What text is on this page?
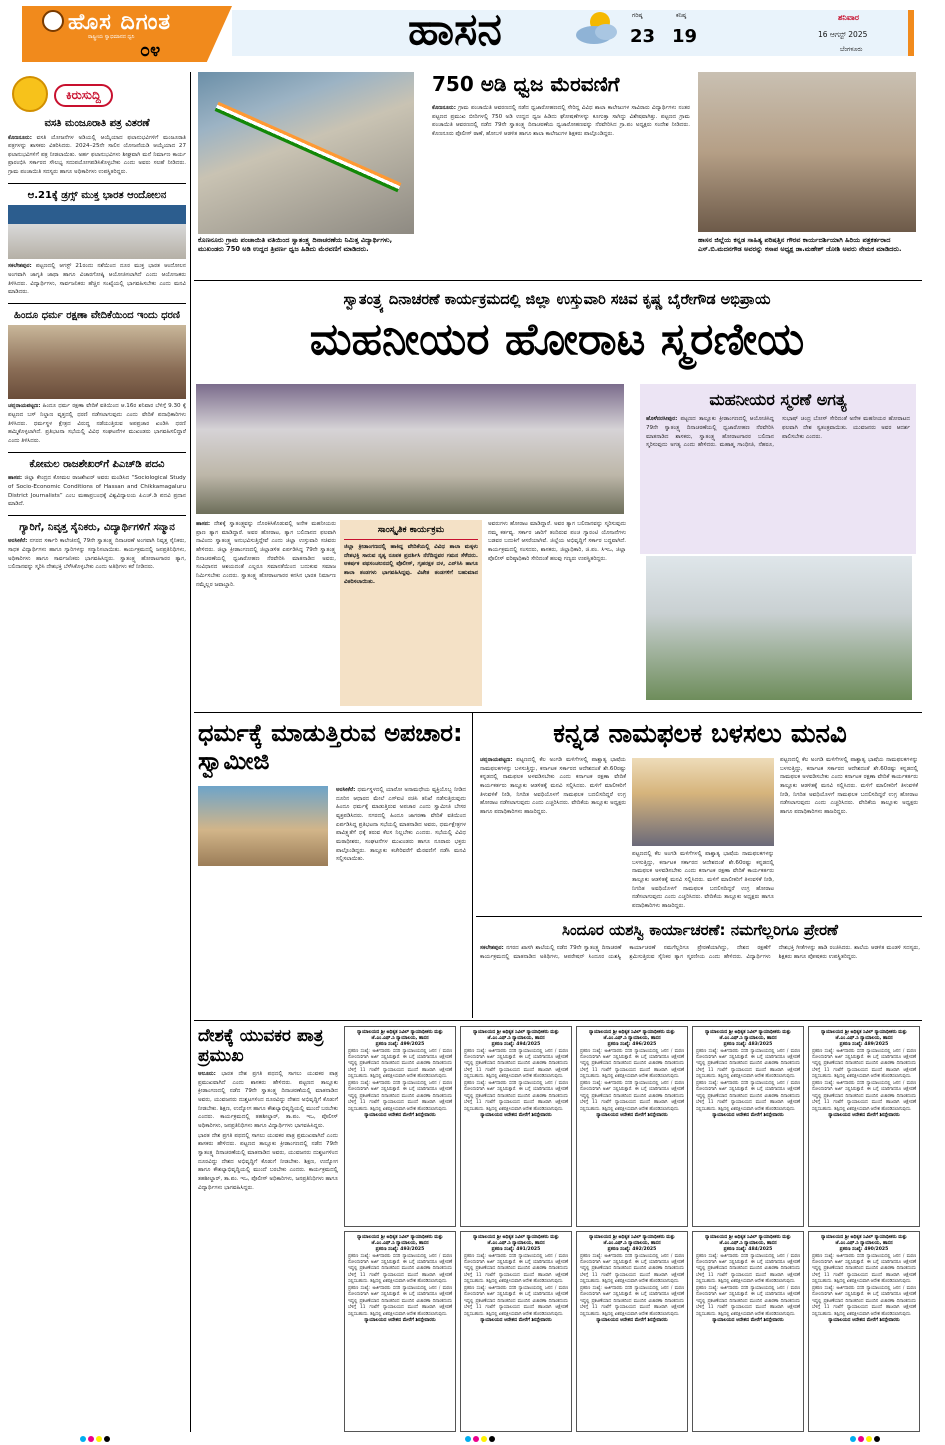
ಹೊಸ ದಿಗಂತ
ರಾಷ್ಟ್ರೀಯ ಸ್ವಾಭಿಮಾನದ ಧ್ವನಿ
೦೪	ಹಾಸನ	ಗರಿಷ್ಠ
23
ಕನಿಷ್ಠ
19
ಶನಿವಾರ
16 ಆಗಸ್ಟ್ 2025
ಬೆಂಗಳೂರು
ಕಿರುಸುದ್ದಿ
ವಸತಿ ಮಂಜೂರಾತಿ ಪತ್ರ ವಿತರಣೆ

ಕೊಣನೂರು: ವಸತಿ ಯೋಜನೆಗಳ ಅಡಿಯಲ್ಲಿ ಆಯ್ಕೆಯಾದ ಫಲಾನುಭವಿಗಳಿಗೆ ಮಂಜೂರಾತಿ ಪತ್ರಗಳನ್ನು ಶಾಸಕರು ವಿತರಿಸಿದರು. 2024–25ನೇ ಸಾಲಿನ ಯೋಜನೆಯಡಿ ಆಯ್ಕೆಯಾದ 27 ಫಲಾನುಭವಿಗಳಿಗೆ ಪತ್ರ ನೀಡಲಾಯಿತು. ಅರ್ಹ ಫಲಾನುಭವಿಗಳು ಶೀಘ್ರವಾಗಿ ಮನೆ ನಿರ್ಮಾಣ ಕಾರ್ಯ ಪ್ರಾರಂಭಿಸಿ ಸರ್ಕಾರದ ಸೌಲಭ್ಯ ಸದುಪಯೋಗಪಡಿಸಿಕೊಳ್ಳಬೇಕು ಎಂದು ಅವರು ಸಲಹೆ ನೀಡಿದರು. ಗ್ರಾಮ ಪಂಚಾಯಿತಿ ಸದಸ್ಯರು ಹಾಗೂ ಅಧಿಕಾರಿಗಳು ಉಪಸ್ಥಿತರಿದ್ದರು.

ಆ.21ಕ್ಕೆ ಡ್ರಗ್ಸ್ ಮುಕ್ತ ಭಾರತ ಆಂದೋಲನ

ಸಕಲೇಶಪುರ: ಪಟ್ಟಣದಲ್ಲಿ ಆಗಸ್ಟ್ 21ರಂದು ನಶೆಯಿಂದ ದೂರ ಮುಕ್ತ ಭಾರತ ಆಂದೋಲನ ಅಂಗವಾಗಿ ಜಾಗೃತಿ ಜಾಥಾ ಹಾಗೂ ವಿಚಾರಗೋಷ್ಠಿ ಆಯೋಜಿಸಲಾಗಿದೆ ಎಂದು ಆಯೋಜಕರು ತಿಳಿಸಿದರು. ವಿದ್ಯಾರ್ಥಿಗಳು, ಸಾರ್ವಜನಿಕರು ಹೆಚ್ಚಿನ ಸಂಖ್ಯೆಯಲ್ಲಿ ಭಾಗವಹಿಸಬೇಕು ಎಂದು ಮನವಿ ಮಾಡಿದರು.

ಹಿಂದೂ ಧರ್ಮ ರಕ್ಷಣಾ ವೇದಿಕೆಯಿಂದ ಇಂದು ಧರಣಿ

ಚನ್ನರಾಯಪಟ್ಟಣ: ಹಿಂದೂ ಧರ್ಮ ರಕ್ಷಣಾ ವೇದಿಕೆ ವತಿಯಿಂದ ಆ.16ರ ಶನಿವಾರ ಬೆಳಿಗ್ಗೆ 9.30 ಕ್ಕೆ ಪಟ್ಟಣದ ಬಸ್ ನಿಲ್ದಾಣ ವೃತ್ತದಲ್ಲಿ ಧರಣಿ ನಡೆಸಲಾಗುವುದು ಎಂದು ವೇದಿಕೆ ಪದಾಧಿಕಾರಿಗಳು ತಿಳಿಸಿದರು. ಧರ್ಮಸ್ಥಳ ಕ್ಷೇತ್ರದ ವಿರುದ್ಧ ನಡೆಯುತ್ತಿರುವ ಅಪಪ್ರಚಾರ ಖಂಡಿಸಿ ಧರಣಿ ಹಮ್ಮಿಕೊಳ್ಳಲಾಗಿದೆ. ಪ್ರತಿಭಟನಾ ಸಭೆಯಲ್ಲಿ ವಿವಿಧ ಸಂಘಟನೆಗಳ ಮುಖಂಡರು ಭಾಗವಹಿಸಲಿದ್ದಾರೆ ಎಂದು ತಿಳಿಸಿದರು.

ಕೋಮಲ ರಾಜಶೇಖರ್‌ಗೆ ಪಿಎಚ್‌ಡಿ ಪದವಿ

ಹಾಸನ: ಜಿಲ್ಲಾ ಕೇಂದ್ರದ ಕೋಮಲ ರಾಜಶೇಖರ್ ಅವರು ಮಂಡಿಸಿದ “Sociological Study of Socio-Economic Conditions of Hassan and Chikkamagaluru District Journalists” ಎಂಬ ಮಹಾಪ್ರಬಂಧಕ್ಕೆ ವಿಶ್ವವಿದ್ಯಾಲಯ ಪಿಎಚ್‌.ಡಿ ಪದವಿ ಪ್ರದಾನ ಮಾಡಿದೆ.

ಗ್ಯಾರಿಗೆ, ನಿವೃತ್ತ ಸೈನಿಕರು, ವಿದ್ಯಾರ್ಥಿಗಳಿಗೆ ಸನ್ಮಾನ

ಅರಸೀಕೆರೆ: ನಗರದ ಸರ್ಕಾರಿ ಕಾಲೇಜಿನಲ್ಲಿ 79ನೇ ಸ್ವಾತಂತ್ರ್ಯ ದಿನಾಚರಣೆ ಅಂಗವಾಗಿ ನಿವೃತ್ತ ಸೈನಿಕರು, ಸಾಧಕ ವಿದ್ಯಾರ್ಥಿಗಳು ಹಾಗೂ ಗ್ಯಾರಿಗಳನ್ನು ಸನ್ಮಾನಿಸಲಾಯಿತು. ಕಾರ್ಯಕ್ರಮದಲ್ಲಿ ಜನಪ್ರತಿನಿಧಿಗಳು, ಅಧಿಕಾರಿಗಳು ಹಾಗೂ ಸಾರ್ವಜನಿಕರು ಭಾಗವಹಿಸಿದ್ದರು. ಸ್ವಾತಂತ್ರ್ಯ ಹೋರಾಟಗಾರರ ತ್ಯಾಗ, ಬಲಿದಾನವನ್ನು ಸ್ಮರಿಸಿ ದೇಶಭಕ್ತಿ ಬೆಳೆಸಿಕೊಳ್ಳಬೇಕು ಎಂದು ಅತಿಥಿಗಳು ಕರೆ ನೀಡಿದರು.

ಕೊಣನೂರು ಗ್ರಾಮ ಪಂಚಾಯಿತಿ ವತಿಯಿಂದ ಸ್ವಾತಂತ್ರ್ಯ ದಿನಾಚರಣೆಯ ನಿಮಿತ್ತ ವಿದ್ಯಾರ್ಥಿಗಳು, ಮುಖಂಡರು 750 ಅಡಿ ಉದ್ದದ ತ್ರಿವರ್ಣ ಧ್ವಜ ಹಿಡಿದು ಮೆರವಣಿಗೆ ಮಾಡಿದರು.
750 ಅಡಿ ಧ್ವಜ ಮೆರವಣಿಗೆ

ಕೊಣನೂರು: ಗ್ರಾಮ ಪಂಚಾಯಿತಿ ಆವರಣದಲ್ಲಿ ನಡೆದ ಧ್ವಜಾರೋಹಣದಲ್ಲಿ ಸೇರಿದ್ದ ವಿವಿಧ ಶಾಲಾ ಕಾಲೇಜುಗಳ ಸಾವಿರಾರು ವಿದ್ಯಾರ್ಥಿಗಳು ನಂತರ ಪಟ್ಟಣದ ಪ್ರಮುಖ ಬೀದಿಗಳಲ್ಲಿ 750 ಅಡಿ ಉದ್ದದ ಧ್ವಜ ಹಿಡಿದು ಘೋಷಣೆಗಳನ್ನು ಕೂಗುತ್ತಾ ಸಾಗಿದ್ದು ವಿಶೇಷವಾಗಿತ್ತು. ಪಟ್ಟಣದ ಗ್ರಾಮ ಪಂಚಾಯಿತಿ ಆವರಣದಲ್ಲಿ ನಡೆದ 79ನೇ ಸ್ವಾತಂತ್ರ್ಯ ದಿನಾಚರಣೆಯ ಧ್ವಜಾರೋಹಣವನ್ನು ನೆರವೇರಿಸಿದ ಗ್ರಾ.ಪಂ ಅಧ್ಯಕ್ಷರು ಸಂದೇಶ ನೀಡಿದರು. ಕೊಣನೂರು ಪೊಲೀಸ್ ಠಾಣೆ, ಹೋಬಳಿ ಆಡಳಿತ ಹಾಗೂ ಶಾಲಾ ಕಾಲೇಜುಗಳ ಶಿಕ್ಷಕರು ಪಾಲ್ಗೊಂಡಿದ್ದರು.

ಹಾಸನ ಜಿಲ್ಲೆಯ ಕನ್ನಡ ಸಾಹಿತ್ಯ ಪರಿಷತ್ತಿನ ಗೌರವ ಕಾರ್ಯದರ್ಶಿಯಾಗಿ ಹಿರಿಯ ಪತ್ರಕರ್ತರಾದ ಎಸ್.ಬಿ.ಮದನಗೌಡ ಅವರನ್ನು ಕಸಾಪ ಅಧ್ಯಕ್ಷ ಡಾ.ಮಹೇಶ್ ಜೋಶಿ ಅವರು ನೇಮಕ ಮಾಡಿದರು.
ಸ್ವಾತಂತ್ರ್ಯ ದಿನಾಚರಣೆ ಕಾರ್ಯಕ್ರಮದಲ್ಲಿ ಜಿಲ್ಲಾ ಉಸ್ತುವಾರಿ ಸಚಿವ ಕೃಷ್ಣ ಬೈರೇಗೌಡ ಅಭಿಪ್ರಾಯ
ಮಹನೀಯರ ಹೋರಾಟ ಸ್ಮರಣೀಯ

ಹಾಸನ: ದೇಶಕ್ಕೆ ಸ್ವಾತಂತ್ರ್ಯವನ್ನು ದೊರಕಿಸಿಕೊಡುವಲ್ಲಿ ಅನೇಕ ಮಹನೀಯರು ಪ್ರಾಣ ತ್ಯಾಗ ಮಾಡಿದ್ದಾರೆ. ಅವರ ಹೋರಾಟ, ತ್ಯಾಗ ಬಲಿದಾನದ ಫಲವಾಗಿ ನಾವಿಂದು ಸ್ವಾತಂತ್ರ್ಯ ಅನುಭವಿಸುತ್ತಿದ್ದೇವೆ ಎಂದು ಜಿಲ್ಲಾ ಉಸ್ತುವಾರಿ ಸಚಿವರು ಹೇಳಿದರು. ಜಿಲ್ಲಾ ಕ್ರೀಡಾಂಗಣದಲ್ಲಿ ಜಿಲ್ಲಾಡಳಿತ ಏರ್ಪಡಿಸಿದ್ದ 79ನೇ ಸ್ವಾತಂತ್ರ್ಯ ದಿನಾಚರಣೆಯಲ್ಲಿ ಧ್ವಜಾರೋಹಣ ನೆರವೇರಿಸಿ ಮಾತನಾಡಿದ ಅವರು, ಸಂವಿಧಾನದ ಆಶಯದಂತೆ ಎಲ್ಲರೂ ಸಮಾನತೆಯಿಂದ ಬದುಕುವ ಸಮಾಜ ನಿರ್ಮಿಸಬೇಕು ಎಂದರು. ಸ್ವಾತಂತ್ರ್ಯ ಹೋರಾಟಗಾರರ ಕನಸಿನ ಭಾರತ ನಿರ್ಮಾಣ ನಮ್ಮೆಲ್ಲರ ಜವಾಬ್ದಾರಿ.

ಸಾಂಸ್ಕೃತಿಕ ಕಾರ್ಯಕ್ರಮ

ಜಿಲ್ಲಾ ಕ್ರೀಡಾಂಗಣದಲ್ಲಿ ಹಾಕಿದ್ದ ವೇದಿಕೆಯಲ್ಲಿ ವಿವಿಧ ಶಾಲಾ ಮಕ್ಕಳು ದೇಶಭಕ್ತಿ ಸಾರುವ ನೃತ್ಯ ರೂಪಕ ಪ್ರದರ್ಶಿಸಿ ನೆರೆದಿದ್ದವರ ಗಮನ ಸೆಳೆದರು. ಆಕರ್ಷಕ ಪಥಸಂಚಲನದಲ್ಲಿ ಪೊಲೀಸ್, ಗೃಹರಕ್ಷಕ ದಳ, ಎನ್‌ಸಿಸಿ ಹಾಗೂ ಶಾಲಾ ತಂಡಗಳು ಭಾಗವಹಿಸಿದ್ದವು. ವಿಜೇತ ತಂಡಗಳಿಗೆ ಬಹುಮಾನ ವಿತರಿಸಲಾಯಿತು.

ಅವರುಗಳು ಹೋರಾಟ ಮಾಡಿದ್ದಾರೆ. ಅವರ ತ್ಯಾಗ ಬಲಿದಾನವನ್ನು ಸ್ಮರಿಸುವುದು ನಮ್ಮ ಕರ್ತವ್ಯ. ಸರ್ಕಾರ ಜಾರಿಗೆ ತಂದಿರುವ ಪಂಚ ಗ್ಯಾರಂಟಿ ಯೋಜನೆಗಳು ಬಡವರ ಬದುಕಿಗೆ ಆಸರೆಯಾಗಿವೆ. ಜಿಲ್ಲೆಯ ಅಭಿವೃದ್ಧಿಗೆ ಸರ್ಕಾರ ಬದ್ಧವಾಗಿದೆ. ಕಾರ್ಯಕ್ರಮದಲ್ಲಿ ಸಂಸದರು, ಶಾಸಕರು, ಜಿಲ್ಲಾಧಿಕಾರಿ, ಜಿ.ಪಂ. ಸಿಇಒ, ಜಿಲ್ಲಾ ಪೊಲೀಸ್ ವರಿಷ್ಠಾಧಿಕಾರಿ ಸೇರಿದಂತೆ ಹಲವು ಗಣ್ಯರು ಉಪಸ್ಥಿತರಿದ್ದರು.

ಮಹನೀಯರ ಸ್ಮರಣೆ ಅಗತ್ಯ

ಹೊಳೆನರಸೀಪುರ: ಪಟ್ಟಣದ ತಾಲ್ಲೂಕು ಕ್ರೀಡಾಂಗಣದಲ್ಲಿ ಆಯೋಜಿಸಿದ್ದ 79ನೇ ಸ್ವಾತಂತ್ರ್ಯ ದಿನಾಚರಣೆಯಲ್ಲಿ ಧ್ವಜಾರೋಹಣ ನೆರವೇರಿಸಿ ಮಾತನಾಡಿದ ಶಾಸಕರು, ಸ್ವಾತಂತ್ರ್ಯ ಹೋರಾಟಗಾರರ ಬಲಿದಾನ ಸ್ಮರಿಸುವುದು ಅಗತ್ಯ ಎಂದು ಹೇಳಿದರು. ಮಹಾತ್ಮ ಗಾಂಧೀಜಿ, ನೆಹರೂ, ಸುಭಾಷ್ ಚಂದ್ರ ಬೋಸ್ ಸೇರಿದಂತೆ ಅನೇಕ ಮಹನೀಯರ ಹೋರಾಟದ ಫಲವಾಗಿ ದೇಶ ಸ್ವತಂತ್ರವಾಯಿತು. ಯುವಜನರು ಅವರ ಆದರ್ಶ ಪಾಲಿಸಬೇಕು ಎಂದರು.

ಧರ್ಮಕ್ಕೆ ಮಾಡುತ್ತಿರುವ ಅಪಚಾರ: ಸ್ವಾಮೀಜಿ

ಅರಸೀಕೆರೆ: ಧರ್ಮಸ್ಥಳದಲ್ಲಿ ಯಾರೋ ಅನಾಮಧೇಯ ವ್ಯಕ್ತಿಯೊಬ್ಬ ನೀಡಿದ ದೂರಿನ ಆಧಾರದ ಮೇಲೆ ಎಸ್‌ಐಟಿ ರಚಿಸಿ ತನಿಖೆ ನಡೆಸುತ್ತಿರುವುದು ಹಿಂದೂ ಧರ್ಮಕ್ಕೆ ಮಾಡುತ್ತಿರುವ ಅಪಚಾರ ಎಂದು ಸ್ವಾಮೀಜಿ ಬೇಸರ ವ್ಯಕ್ತಪಡಿಸಿದರು. ನಗರದಲ್ಲಿ ಹಿಂದೂ ಜಾಗರಣಾ ವೇದಿಕೆ ವತಿಯಿಂದ ಏರ್ಪಡಿಸಿದ್ದ ಪ್ರತಿಭಟನಾ ಸಭೆಯಲ್ಲಿ ಮಾತನಾಡಿದ ಅವರು, ಧರ್ಮಕ್ಷೇತ್ರಗಳ ಪಾವಿತ್ರ್ಯತೆಗೆ ಧಕ್ಕೆ ತರುವ ಕೆಲಸ ನಿಲ್ಲಬೇಕು ಎಂದರು. ಸಭೆಯಲ್ಲಿ ವಿವಿಧ ಮಠಾಧೀಶರು, ಸಂಘಟನೆಗಳ ಮುಖಂಡರು ಹಾಗೂ ನೂರಾರು ಭಕ್ತರು ಪಾಲ್ಗೊಂಡಿದ್ದರು. ತಾಲ್ಲೂಕು ಕಚೇರಿವರೆಗೆ ಮೆರವಣಿಗೆ ನಡೆಸಿ ಮನವಿ ಸಲ್ಲಿಸಲಾಯಿತು.

ಕನ್ನಡ ನಾಮಫಲಕ ಬಳಸಲು ಮನವಿ

ಚನ್ನರಾಯಪಟ್ಟಣ: ಪಟ್ಟಣದಲ್ಲಿ ಕೆಲ ಅಂಗಡಿ ಮಳಿಗೆಗಳಲ್ಲಿ ಪಾಶ್ಚಾತ್ಯ ಭಾಷೆಯ ನಾಮಫಲಕಗಳನ್ನು ಬಳಸುತ್ತಿದ್ದು, ಕರ್ನಾಟಕ ಸರ್ಕಾರದ ಆದೇಶದಂತೆ ಶೇ.60ರಷ್ಟು ಕನ್ನಡದಲ್ಲಿ ನಾಮಫಲಕ ಅಳವಡಿಸಬೇಕು ಎಂದು ಕರ್ನಾಟಕ ರಕ್ಷಣಾ ವೇದಿಕೆ ಕಾರ್ಯಕರ್ತರು ತಾಲ್ಲೂಕು ಆಡಳಿತಕ್ಕೆ ಮನವಿ ಸಲ್ಲಿಸಿದರು. ಮಳಿಗೆ ಮಾಲೀಕರಿಗೆ ತಿಳುವಳಿಕೆ ನೀಡಿ, ನಿಗದಿತ ಅವಧಿಯೊಳಗೆ ನಾಮಫಲಕ ಬದಲಿಸದಿದ್ದರೆ ಉಗ್ರ ಹೋರಾಟ ನಡೆಸಲಾಗುವುದು ಎಂದು ಎಚ್ಚರಿಸಿದರು. ವೇದಿಕೆಯ ತಾಲ್ಲೂಕು ಅಧ್ಯಕ್ಷರು ಹಾಗೂ ಪದಾಧಿಕಾರಿಗಳು ಹಾಜರಿದ್ದರು.

ಪಟ್ಟಣದಲ್ಲಿ ಕೆಲ ಅಂಗಡಿ ಮಳಿಗೆಗಳಲ್ಲಿ ಪಾಶ್ಚಾತ್ಯ ಭಾಷೆಯ ನಾಮಫಲಕಗಳನ್ನು ಬಳಸುತ್ತಿದ್ದು, ಕರ್ನಾಟಕ ಸರ್ಕಾರದ ಆದೇಶದಂತೆ ಶೇ.60ರಷ್ಟು ಕನ್ನಡದಲ್ಲಿ ನಾಮಫಲಕ ಅಳವಡಿಸಬೇಕು ಎಂದು ಕರ್ನಾಟಕ ರಕ್ಷಣಾ ವೇದಿಕೆ ಕಾರ್ಯಕರ್ತರು ತಾಲ್ಲೂಕು ಆಡಳಿತಕ್ಕೆ ಮನವಿ ಸಲ್ಲಿಸಿದರು. ಮಳಿಗೆ ಮಾಲೀಕರಿಗೆ ತಿಳುವಳಿಕೆ ನೀಡಿ, ನಿಗದಿತ ಅವಧಿಯೊಳಗೆ ನಾಮಫಲಕ ಬದಲಿಸದಿದ್ದರೆ ಉಗ್ರ ಹೋರಾಟ ನಡೆಸಲಾಗುವುದು ಎಂದು ಎಚ್ಚರಿಸಿದರು. ವೇದಿಕೆಯ ತಾಲ್ಲೂಕು ಅಧ್ಯಕ್ಷರು ಹಾಗೂ ಪದಾಧಿಕಾರಿಗಳು ಹಾಜರಿದ್ದರು.

ಪಟ್ಟಣದಲ್ಲಿ ಕೆಲ ಅಂಗಡಿ ಮಳಿಗೆಗಳಲ್ಲಿ ಪಾಶ್ಚಾತ್ಯ ಭಾಷೆಯ ನಾಮಫಲಕಗಳನ್ನು ಬಳಸುತ್ತಿದ್ದು, ಕರ್ನಾಟಕ ಸರ್ಕಾರದ ಆದೇಶದಂತೆ ಶೇ.60ರಷ್ಟು ಕನ್ನಡದಲ್ಲಿ ನಾಮಫಲಕ ಅಳವಡಿಸಬೇಕು ಎಂದು ಕರ್ನಾಟಕ ರಕ್ಷಣಾ ವೇದಿಕೆ ಕಾರ್ಯಕರ್ತರು ತಾಲ್ಲೂಕು ಆಡಳಿತಕ್ಕೆ ಮನವಿ ಸಲ್ಲಿಸಿದರು. ಮಳಿಗೆ ಮಾಲೀಕರಿಗೆ ತಿಳುವಳಿಕೆ ನೀಡಿ, ನಿಗದಿತ ಅವಧಿಯೊಳಗೆ ನಾಮಫಲಕ ಬದಲಿಸದಿದ್ದರೆ ಉಗ್ರ ಹೋರಾಟ ನಡೆಸಲಾಗುವುದು ಎಂದು ಎಚ್ಚರಿಸಿದರು. ವೇದಿಕೆಯ ತಾಲ್ಲೂಕು ಅಧ್ಯಕ್ಷರು ಹಾಗೂ ಪದಾಧಿಕಾರಿಗಳು ಹಾಜರಿದ್ದರು.

ಸಿಂದೂರ ಯಶಸ್ವಿ ಕಾರ್ಯಾಚರಣೆ: ನಮಗೆಲ್ಲರಿಗೂ ಪ್ರೇರಣೆ

ಸಕಲೇಶಪುರ: ನಗರದ ಖಾಸಗಿ ಶಾಲೆಯಲ್ಲಿ ನಡೆದ 79ನೇ ಸ್ವಾತಂತ್ರ್ಯ ದಿನಾಚರಣೆ ಕಾರ್ಯಕ್ರಮದಲ್ಲಿ ಮಾತನಾಡಿದ ಅತಿಥಿಗಳು, ಆಪರೇಷನ್ ಸಿಂದೂರ ಯಶಸ್ವಿ ಕಾರ್ಯಾಚರಣೆ ನಮಗೆಲ್ಲರಿಗೂ ಪ್ರೇರಣೆಯಾಗಿದ್ದು, ದೇಶದ ರಕ್ಷಣೆಗೆ ಶ್ರಮಿಸುತ್ತಿರುವ ಸೈನಿಕರ ತ್ಯಾಗ ಸ್ಮರಣೀಯ ಎಂದು ಹೇಳಿದರು. ವಿದ್ಯಾರ್ಥಿಗಳು ದೇಶಭಕ್ತಿ ಗೀತೆಗಳನ್ನು ಹಾಡಿ ರಂಜಿಸಿದರು. ಶಾಲೆಯ ಆಡಳಿತ ಮಂಡಳಿ ಸದಸ್ಯರು, ಶಿಕ್ಷಕರು ಹಾಗೂ ಪೋಷಕರು ಉಪಸ್ಥಿತರಿದ್ದರು.

ದೇಶಕ್ಕೆ ಯುವಕರ ಪಾತ್ರ ಪ್ರಮುಖ

ಆಲೂರು: ಭಾರತ ದೇಶ ಪ್ರಗತಿ ಪಥದಲ್ಲಿ ಸಾಗಲು ಯುವಕರ ಪಾತ್ರ ಪ್ರಮುಖವಾಗಿದೆ ಎಂದು ಶಾಸಕರು ಹೇಳಿದರು. ಪಟ್ಟಣದ ತಾಲ್ಲೂಕು ಕ್ರೀಡಾಂಗಣದಲ್ಲಿ ನಡೆದ 79ನೇ ಸ್ವಾತಂತ್ರ್ಯ ದಿನಾಚರಣೆಯಲ್ಲಿ ಮಾತನಾಡಿದ ಅವರು, ಯುವಜನರು ದುಶ್ಚಟಗಳಿಂದ ದೂರವಿದ್ದು ದೇಶದ ಅಭಿವೃದ್ಧಿಗೆ ಕೊಡುಗೆ ನೀಡಬೇಕು. ಶಿಕ್ಷಣ, ಉದ್ಯೋಗ ಹಾಗೂ ಕೌಶಲ್ಯಾಭಿವೃದ್ಧಿಯಲ್ಲಿ ಮುಂದೆ ಬರಬೇಕು ಎಂದರು. ಕಾರ್ಯಕ್ರಮದಲ್ಲಿ ತಹಶೀಲ್ದಾರ್, ತಾ.ಪಂ. ಇಒ, ಪೊಲೀಸ್ ಅಧಿಕಾರಿಗಳು, ಜನಪ್ರತಿನಿಧಿಗಳು ಹಾಗೂ ವಿದ್ಯಾರ್ಥಿಗಳು ಭಾಗವಹಿಸಿದ್ದರು.

ಭಾರತ ದೇಶ ಪ್ರಗತಿ ಪಥದಲ್ಲಿ ಸಾಗಲು ಯುವಕರ ಪಾತ್ರ ಪ್ರಮುಖವಾಗಿದೆ ಎಂದು ಶಾಸಕರು ಹೇಳಿದರು. ಪಟ್ಟಣದ ತಾಲ್ಲೂಕು ಕ್ರೀಡಾಂಗಣದಲ್ಲಿ ನಡೆದ 79ನೇ ಸ್ವಾತಂತ್ರ್ಯ ದಿನಾಚರಣೆಯಲ್ಲಿ ಮಾತನಾಡಿದ ಅವರು, ಯುವಜನರು ದುಶ್ಚಟಗಳಿಂದ ದೂರವಿದ್ದು ದೇಶದ ಅಭಿವೃದ್ಧಿಗೆ ಕೊಡುಗೆ ನೀಡಬೇಕು. ಶಿಕ್ಷಣ, ಉದ್ಯೋಗ ಹಾಗೂ ಕೌಶಲ್ಯಾಭಿವೃದ್ಧಿಯಲ್ಲಿ ಮುಂದೆ ಬರಬೇಕು ಎಂದರು. ಕಾರ್ಯಕ್ರಮದಲ್ಲಿ ತಹಶೀಲ್ದಾರ್, ತಾ.ಪಂ. ಇಒ, ಪೊಲೀಸ್ ಅಧಿಕಾರಿಗಳು, ಜನಪ್ರತಿನಿಧಿಗಳು ಹಾಗೂ ವಿದ್ಯಾರ್ಥಿಗಳು ಭಾಗವಹಿಸಿದ್ದರು.

ನ್ಯಾಯಾಲಯದ ಶ್ರೀ ಅಧಿಕೃತ ಸಿವಿಲ್ ನ್ಯಾಯಾಧೀಶರು ಮತ್ತು ಜೆ.ಎಂ.ಎಫ್.ಸಿ ನ್ಯಾಯಾಲಯ, ಹಾಸನ
ಪ್ರಕರಣ ಸಂಖ್ಯೆ: 499/2025
ಪ್ರಕರಣ ಸಂಖ್ಯೆ: ಅರ್ಜಿದಾರರು ಸದರಿ ನ್ಯಾಯಾಲಯದಲ್ಲಿ ಜನನ / ಮರಣ ನೋಂದಣಿಗಾಗಿ ಅರ್ಜಿ ಸಲ್ಲಿಸಿರುತ್ತಾರೆ. ಈ ಬಗ್ಗೆ ಯಾರಿಗಾದರೂ ಆಕ್ಷೇಪಣೆ ಇದ್ದಲ್ಲಿ ಪ್ರಕಟಣೆಯಾದ ದಿನಾಂಕದಿಂದ ಮುಂದಿನ ವಿಚಾರಣಾ ದಿನಾಂಕದಂದು ಬೆಳಿಗ್ಗೆ 11 ಗಂಟೆಗೆ ನ್ಯಾಯಾಲಯದ ಮುಂದೆ ಹಾಜರಾಗಿ ಆಕ್ಷೇಪಣೆ ಸಲ್ಲಿಸಬಹುದು. ತಪ್ಪಿದಲ್ಲಿ ಏಕಪಕ್ಷೀಯವಾಗಿ ಆದೇಶ ಹೊರಡಿಸಲಾಗುವುದು.
ಪ್ರಕರಣ ಸಂಖ್ಯೆ: ಅರ್ಜಿದಾರರು ಸದರಿ ನ್ಯಾಯಾಲಯದಲ್ಲಿ ಜನನ / ಮರಣ ನೋಂದಣಿಗಾಗಿ ಅರ್ಜಿ ಸಲ್ಲಿಸಿರುತ್ತಾರೆ. ಈ ಬಗ್ಗೆ ಯಾರಿಗಾದರೂ ಆಕ್ಷೇಪಣೆ ಇದ್ದಲ್ಲಿ ಪ್ರಕಟಣೆಯಾದ ದಿನಾಂಕದಿಂದ ಮುಂದಿನ ವಿಚಾರಣಾ ದಿನಾಂಕದಂದು ಬೆಳಿಗ್ಗೆ 11 ಗಂಟೆಗೆ ನ್ಯಾಯಾಲಯದ ಮುಂದೆ ಹಾಜರಾಗಿ ಆಕ್ಷೇಪಣೆ ಸಲ್ಲಿಸಬಹುದು. ತಪ್ಪಿದಲ್ಲಿ ಏಕಪಕ್ಷೀಯವಾಗಿ ಆದೇಶ ಹೊರಡಿಸಲಾಗುವುದು.
ನ್ಯಾಯಾಲಯದ ಆದೇಶದ ಮೇರೆಗೆ ಶಿರಸ್ತೇದಾರರು
ನ್ಯಾಯಾಲಯದ ಶ್ರೀ ಅಧಿಕೃತ ಸಿವಿಲ್ ನ್ಯಾಯಾಧೀಶರು ಮತ್ತು ಜೆ.ಎಂ.ಎಫ್.ಸಿ ನ್ಯಾಯಾಲಯ, ಹಾಸನ
ಪ್ರಕರಣ ಸಂಖ್ಯೆ: 494/2025
ಪ್ರಕರಣ ಸಂಖ್ಯೆ: ಅರ್ಜಿದಾರರು ಸದರಿ ನ್ಯಾಯಾಲಯದಲ್ಲಿ ಜನನ / ಮರಣ ನೋಂದಣಿಗಾಗಿ ಅರ್ಜಿ ಸಲ್ಲಿಸಿರುತ್ತಾರೆ. ಈ ಬಗ್ಗೆ ಯಾರಿಗಾದರೂ ಆಕ್ಷೇಪಣೆ ಇದ್ದಲ್ಲಿ ಪ್ರಕಟಣೆಯಾದ ದಿನಾಂಕದಿಂದ ಮುಂದಿನ ವಿಚಾರಣಾ ದಿನಾಂಕದಂದು ಬೆಳಿಗ್ಗೆ 11 ಗಂಟೆಗೆ ನ್ಯಾಯಾಲಯದ ಮುಂದೆ ಹಾಜರಾಗಿ ಆಕ್ಷೇಪಣೆ ಸಲ್ಲಿಸಬಹುದು. ತಪ್ಪಿದಲ್ಲಿ ಏಕಪಕ್ಷೀಯವಾಗಿ ಆದೇಶ ಹೊರಡಿಸಲಾಗುವುದು.
ಪ್ರಕರಣ ಸಂಖ್ಯೆ: ಅರ್ಜಿದಾರರು ಸದರಿ ನ್ಯಾಯಾಲಯದಲ್ಲಿ ಜನನ / ಮರಣ ನೋಂದಣಿಗಾಗಿ ಅರ್ಜಿ ಸಲ್ಲಿಸಿರುತ್ತಾರೆ. ಈ ಬಗ್ಗೆ ಯಾರಿಗಾದರೂ ಆಕ್ಷೇಪಣೆ ಇದ್ದಲ್ಲಿ ಪ್ರಕಟಣೆಯಾದ ದಿನಾಂಕದಿಂದ ಮುಂದಿನ ವಿಚಾರಣಾ ದಿನಾಂಕದಂದು ಬೆಳಿಗ್ಗೆ 11 ಗಂಟೆಗೆ ನ್ಯಾಯಾಲಯದ ಮುಂದೆ ಹಾಜರಾಗಿ ಆಕ್ಷೇಪಣೆ ಸಲ್ಲಿಸಬಹುದು. ತಪ್ಪಿದಲ್ಲಿ ಏಕಪಕ್ಷೀಯವಾಗಿ ಆದೇಶ ಹೊರಡಿಸಲಾಗುವುದು.
ನ್ಯಾಯಾಲಯದ ಆದೇಶದ ಮೇರೆಗೆ ಶಿರಸ್ತೇದಾರರು
ನ್ಯಾಯಾಲಯದ ಶ್ರೀ ಅಧಿಕೃತ ಸಿವಿಲ್ ನ್ಯಾಯಾಧೀಶರು ಮತ್ತು ಜೆ.ಎಂ.ಎಫ್.ಸಿ ನ್ಯಾಯಾಲಯ, ಹಾಸನ
ಪ್ರಕರಣ ಸಂಖ್ಯೆ: 496/2025
ಪ್ರಕರಣ ಸಂಖ್ಯೆ: ಅರ್ಜಿದಾರರು ಸದರಿ ನ್ಯಾಯಾಲಯದಲ್ಲಿ ಜನನ / ಮರಣ ನೋಂದಣಿಗಾಗಿ ಅರ್ಜಿ ಸಲ್ಲಿಸಿರುತ್ತಾರೆ. ಈ ಬಗ್ಗೆ ಯಾರಿಗಾದರೂ ಆಕ್ಷೇಪಣೆ ಇದ್ದಲ್ಲಿ ಪ್ರಕಟಣೆಯಾದ ದಿನಾಂಕದಿಂದ ಮುಂದಿನ ವಿಚಾರಣಾ ದಿನಾಂಕದಂದು ಬೆಳಿಗ್ಗೆ 11 ಗಂಟೆಗೆ ನ್ಯಾಯಾಲಯದ ಮುಂದೆ ಹಾಜರಾಗಿ ಆಕ್ಷೇಪಣೆ ಸಲ್ಲಿಸಬಹುದು. ತಪ್ಪಿದಲ್ಲಿ ಏಕಪಕ್ಷೀಯವಾಗಿ ಆದೇಶ ಹೊರಡಿಸಲಾಗುವುದು.
ಪ್ರಕರಣ ಸಂಖ್ಯೆ: ಅರ್ಜಿದಾರರು ಸದರಿ ನ್ಯಾಯಾಲಯದಲ್ಲಿ ಜನನ / ಮರಣ ನೋಂದಣಿಗಾಗಿ ಅರ್ಜಿ ಸಲ್ಲಿಸಿರುತ್ತಾರೆ. ಈ ಬಗ್ಗೆ ಯಾರಿಗಾದರೂ ಆಕ್ಷೇಪಣೆ ಇದ್ದಲ್ಲಿ ಪ್ರಕಟಣೆಯಾದ ದಿನಾಂಕದಿಂದ ಮುಂದಿನ ವಿಚಾರಣಾ ದಿನಾಂಕದಂದು ಬೆಳಿಗ್ಗೆ 11 ಗಂಟೆಗೆ ನ್ಯಾಯಾಲಯದ ಮುಂದೆ ಹಾಜರಾಗಿ ಆಕ್ಷೇಪಣೆ ಸಲ್ಲಿಸಬಹುದು. ತಪ್ಪಿದಲ್ಲಿ ಏಕಪಕ್ಷೀಯವಾಗಿ ಆದೇಶ ಹೊರಡಿಸಲಾಗುವುದು.
ನ್ಯಾಯಾಲಯದ ಆದೇಶದ ಮೇರೆಗೆ ಶಿರಸ್ತೇದಾರರು
ನ್ಯಾಯಾಲಯದ ಶ್ರೀ ಅಧಿಕೃತ ಸಿವಿಲ್ ನ್ಯಾಯಾಧೀಶರು ಮತ್ತು ಜೆ.ಎಂ.ಎಫ್.ಸಿ ನ್ಯಾಯಾಲಯ, ಹಾಸನ
ಪ್ರಕರಣ ಸಂಖ್ಯೆ: 483/2025
ಪ್ರಕರಣ ಸಂಖ್ಯೆ: ಅರ್ಜಿದಾರರು ಸದರಿ ನ್ಯಾಯಾಲಯದಲ್ಲಿ ಜನನ / ಮರಣ ನೋಂದಣಿಗಾಗಿ ಅರ್ಜಿ ಸಲ್ಲಿಸಿರುತ್ತಾರೆ. ಈ ಬಗ್ಗೆ ಯಾರಿಗಾದರೂ ಆಕ್ಷೇಪಣೆ ಇದ್ದಲ್ಲಿ ಪ್ರಕಟಣೆಯಾದ ದಿನಾಂಕದಿಂದ ಮುಂದಿನ ವಿಚಾರಣಾ ದಿನಾಂಕದಂದು ಬೆಳಿಗ್ಗೆ 11 ಗಂಟೆಗೆ ನ್ಯಾಯಾಲಯದ ಮುಂದೆ ಹಾಜರಾಗಿ ಆಕ್ಷೇಪಣೆ ಸಲ್ಲಿಸಬಹುದು. ತಪ್ಪಿದಲ್ಲಿ ಏಕಪಕ್ಷೀಯವಾಗಿ ಆದೇಶ ಹೊರಡಿಸಲಾಗುವುದು.
ಪ್ರಕರಣ ಸಂಖ್ಯೆ: ಅರ್ಜಿದಾರರು ಸದರಿ ನ್ಯಾಯಾಲಯದಲ್ಲಿ ಜನನ / ಮರಣ ನೋಂದಣಿಗಾಗಿ ಅರ್ಜಿ ಸಲ್ಲಿಸಿರುತ್ತಾರೆ. ಈ ಬಗ್ಗೆ ಯಾರಿಗಾದರೂ ಆಕ್ಷೇಪಣೆ ಇದ್ದಲ್ಲಿ ಪ್ರಕಟಣೆಯಾದ ದಿನಾಂಕದಿಂದ ಮುಂದಿನ ವಿಚಾರಣಾ ದಿನಾಂಕದಂದು ಬೆಳಿಗ್ಗೆ 11 ಗಂಟೆಗೆ ನ್ಯಾಯಾಲಯದ ಮುಂದೆ ಹಾಜರಾಗಿ ಆಕ್ಷೇಪಣೆ ಸಲ್ಲಿಸಬಹುದು. ತಪ್ಪಿದಲ್ಲಿ ಏಕಪಕ್ಷೀಯವಾಗಿ ಆದೇಶ ಹೊರಡಿಸಲಾಗುವುದು.
ನ್ಯಾಯಾಲಯದ ಆದೇಶದ ಮೇರೆಗೆ ಶಿರಸ್ತೇದಾರರು
ನ್ಯಾಯಾಲಯದ ಶ್ರೀ ಅಧಿಕೃತ ಸಿವಿಲ್ ನ್ಯಾಯಾಧೀಶರು ಮತ್ತು ಜೆ.ಎಂ.ಎಫ್.ಸಿ ನ್ಯಾಯಾಲಯ, ಹಾಸನ
ಪ್ರಕರಣ ಸಂಖ್ಯೆ: 489/2025
ಪ್ರಕರಣ ಸಂಖ್ಯೆ: ಅರ್ಜಿದಾರರು ಸದರಿ ನ್ಯಾಯಾಲಯದಲ್ಲಿ ಜನನ / ಮರಣ ನೋಂದಣಿಗಾಗಿ ಅರ್ಜಿ ಸಲ್ಲಿಸಿರುತ್ತಾರೆ. ಈ ಬಗ್ಗೆ ಯಾರಿಗಾದರೂ ಆಕ್ಷೇಪಣೆ ಇದ್ದಲ್ಲಿ ಪ್ರಕಟಣೆಯಾದ ದಿನಾಂಕದಿಂದ ಮುಂದಿನ ವಿಚಾರಣಾ ದಿನಾಂಕದಂದು ಬೆಳಿಗ್ಗೆ 11 ಗಂಟೆಗೆ ನ್ಯಾಯಾಲಯದ ಮುಂದೆ ಹಾಜರಾಗಿ ಆಕ್ಷೇಪಣೆ ಸಲ್ಲಿಸಬಹುದು. ತಪ್ಪಿದಲ್ಲಿ ಏಕಪಕ್ಷೀಯವಾಗಿ ಆದೇಶ ಹೊರಡಿಸಲಾಗುವುದು.
ಪ್ರಕರಣ ಸಂಖ್ಯೆ: ಅರ್ಜಿದಾರರು ಸದರಿ ನ್ಯಾಯಾಲಯದಲ್ಲಿ ಜನನ / ಮರಣ ನೋಂದಣಿಗಾಗಿ ಅರ್ಜಿ ಸಲ್ಲಿಸಿರುತ್ತಾರೆ. ಈ ಬಗ್ಗೆ ಯಾರಿಗಾದರೂ ಆಕ್ಷೇಪಣೆ ಇದ್ದಲ್ಲಿ ಪ್ರಕಟಣೆಯಾದ ದಿನಾಂಕದಿಂದ ಮುಂದಿನ ವಿಚಾರಣಾ ದಿನಾಂಕದಂದು ಬೆಳಿಗ್ಗೆ 11 ಗಂಟೆಗೆ ನ್ಯಾಯಾಲಯದ ಮುಂದೆ ಹಾಜರಾಗಿ ಆಕ್ಷೇಪಣೆ ಸಲ್ಲಿಸಬಹುದು. ತಪ್ಪಿದಲ್ಲಿ ಏಕಪಕ್ಷೀಯವಾಗಿ ಆದೇಶ ಹೊರಡಿಸಲಾಗುವುದು.
ನ್ಯಾಯಾಲಯದ ಆದೇಶದ ಮೇರೆಗೆ ಶಿರಸ್ತೇದಾರರು
ನ್ಯಾಯಾಲಯದ ಶ್ರೀ ಅಧಿಕೃತ ಸಿವಿಲ್ ನ್ಯಾಯಾಧೀಶರು ಮತ್ತು ಜೆ.ಎಂ.ಎಫ್.ಸಿ ನ್ಯಾಯಾಲಯ, ಹಾಸನ
ಪ್ರಕರಣ ಸಂಖ್ಯೆ: 493/2025
ಪ್ರಕರಣ ಸಂಖ್ಯೆ: ಅರ್ಜಿದಾರರು ಸದರಿ ನ್ಯಾಯಾಲಯದಲ್ಲಿ ಜನನ / ಮರಣ ನೋಂದಣಿಗಾಗಿ ಅರ್ಜಿ ಸಲ್ಲಿಸಿರುತ್ತಾರೆ. ಈ ಬಗ್ಗೆ ಯಾರಿಗಾದರೂ ಆಕ್ಷೇಪಣೆ ಇದ್ದಲ್ಲಿ ಪ್ರಕಟಣೆಯಾದ ದಿನಾಂಕದಿಂದ ಮುಂದಿನ ವಿಚಾರಣಾ ದಿನಾಂಕದಂದು ಬೆಳಿಗ್ಗೆ 11 ಗಂಟೆಗೆ ನ್ಯಾಯಾಲಯದ ಮುಂದೆ ಹಾಜರಾಗಿ ಆಕ್ಷೇಪಣೆ ಸಲ್ಲಿಸಬಹುದು. ತಪ್ಪಿದಲ್ಲಿ ಏಕಪಕ್ಷೀಯವಾಗಿ ಆದೇಶ ಹೊರಡಿಸಲಾಗುವುದು.
ಪ್ರಕರಣ ಸಂಖ್ಯೆ: ಅರ್ಜಿದಾರರು ಸದರಿ ನ್ಯಾಯಾಲಯದಲ್ಲಿ ಜನನ / ಮರಣ ನೋಂದಣಿಗಾಗಿ ಅರ್ಜಿ ಸಲ್ಲಿಸಿರುತ್ತಾರೆ. ಈ ಬಗ್ಗೆ ಯಾರಿಗಾದರೂ ಆಕ್ಷೇಪಣೆ ಇದ್ದಲ್ಲಿ ಪ್ರಕಟಣೆಯಾದ ದಿನಾಂಕದಿಂದ ಮುಂದಿನ ವಿಚಾರಣಾ ದಿನಾಂಕದಂದು ಬೆಳಿಗ್ಗೆ 11 ಗಂಟೆಗೆ ನ್ಯಾಯಾಲಯದ ಮುಂದೆ ಹಾಜರಾಗಿ ಆಕ್ಷೇಪಣೆ ಸಲ್ಲಿಸಬಹುದು. ತಪ್ಪಿದಲ್ಲಿ ಏಕಪಕ್ಷೀಯವಾಗಿ ಆದೇಶ ಹೊರಡಿಸಲಾಗುವುದು.
ನ್ಯಾಯಾಲಯದ ಆದೇಶದ ಮೇರೆಗೆ ಶಿರಸ್ತೇದಾರರು
ನ್ಯಾಯಾಲಯದ ಶ್ರೀ ಅಧಿಕೃತ ಸಿವಿಲ್ ನ್ಯಾಯಾಧೀಶರು ಮತ್ತು ಜೆ.ಎಂ.ಎಫ್.ಸಿ ನ್ಯಾಯಾಲಯ, ಹಾಸನ
ಪ್ರಕರಣ ಸಂಖ್ಯೆ: 491/2025
ಪ್ರಕರಣ ಸಂಖ್ಯೆ: ಅರ್ಜಿದಾರರು ಸದರಿ ನ್ಯಾಯಾಲಯದಲ್ಲಿ ಜನನ / ಮರಣ ನೋಂದಣಿಗಾಗಿ ಅರ್ಜಿ ಸಲ್ಲಿಸಿರುತ್ತಾರೆ. ಈ ಬಗ್ಗೆ ಯಾರಿಗಾದರೂ ಆಕ್ಷೇಪಣೆ ಇದ್ದಲ್ಲಿ ಪ್ರಕಟಣೆಯಾದ ದಿನಾಂಕದಿಂದ ಮುಂದಿನ ವಿಚಾರಣಾ ದಿನಾಂಕದಂದು ಬೆಳಿಗ್ಗೆ 11 ಗಂಟೆಗೆ ನ್ಯಾಯಾಲಯದ ಮುಂದೆ ಹಾಜರಾಗಿ ಆಕ್ಷೇಪಣೆ ಸಲ್ಲಿಸಬಹುದು. ತಪ್ಪಿದಲ್ಲಿ ಏಕಪಕ್ಷೀಯವಾಗಿ ಆದೇಶ ಹೊರಡಿಸಲಾಗುವುದು.
ಪ್ರಕರಣ ಸಂಖ್ಯೆ: ಅರ್ಜಿದಾರರು ಸದರಿ ನ್ಯಾಯಾಲಯದಲ್ಲಿ ಜನನ / ಮರಣ ನೋಂದಣಿಗಾಗಿ ಅರ್ಜಿ ಸಲ್ಲಿಸಿರುತ್ತಾರೆ. ಈ ಬಗ್ಗೆ ಯಾರಿಗಾದರೂ ಆಕ್ಷೇಪಣೆ ಇದ್ದಲ್ಲಿ ಪ್ರಕಟಣೆಯಾದ ದಿನಾಂಕದಿಂದ ಮುಂದಿನ ವಿಚಾರಣಾ ದಿನಾಂಕದಂದು ಬೆಳಿಗ್ಗೆ 11 ಗಂಟೆಗೆ ನ್ಯಾಯಾಲಯದ ಮುಂದೆ ಹಾಜರಾಗಿ ಆಕ್ಷೇಪಣೆ ಸಲ್ಲಿಸಬಹುದು. ತಪ್ಪಿದಲ್ಲಿ ಏಕಪಕ್ಷೀಯವಾಗಿ ಆದೇಶ ಹೊರಡಿಸಲಾಗುವುದು.
ನ್ಯಾಯಾಲಯದ ಆದೇಶದ ಮೇರೆಗೆ ಶಿರಸ್ತೇದಾರರು
ನ್ಯಾಯಾಲಯದ ಶ್ರೀ ಅಧಿಕೃತ ಸಿವಿಲ್ ನ್ಯಾಯಾಧೀಶರು ಮತ್ತು ಜೆ.ಎಂ.ಎಫ್.ಸಿ ನ್ಯಾಯಾಲಯ, ಹಾಸನ
ಪ್ರಕರಣ ಸಂಖ್ಯೆ: 492/2025
ಪ್ರಕರಣ ಸಂಖ್ಯೆ: ಅರ್ಜಿದಾರರು ಸದರಿ ನ್ಯಾಯಾಲಯದಲ್ಲಿ ಜನನ / ಮರಣ ನೋಂದಣಿಗಾಗಿ ಅರ್ಜಿ ಸಲ್ಲಿಸಿರುತ್ತಾರೆ. ಈ ಬಗ್ಗೆ ಯಾರಿಗಾದರೂ ಆಕ್ಷೇಪಣೆ ಇದ್ದಲ್ಲಿ ಪ್ರಕಟಣೆಯಾದ ದಿನಾಂಕದಿಂದ ಮುಂದಿನ ವಿಚಾರಣಾ ದಿನಾಂಕದಂದು ಬೆಳಿಗ್ಗೆ 11 ಗಂಟೆಗೆ ನ್ಯಾಯಾಲಯದ ಮುಂದೆ ಹಾಜರಾಗಿ ಆಕ್ಷೇಪಣೆ ಸಲ್ಲಿಸಬಹುದು. ತಪ್ಪಿದಲ್ಲಿ ಏಕಪಕ್ಷೀಯವಾಗಿ ಆದೇಶ ಹೊರಡಿಸಲಾಗುವುದು.
ಪ್ರಕರಣ ಸಂಖ್ಯೆ: ಅರ್ಜಿದಾರರು ಸದರಿ ನ್ಯಾಯಾಲಯದಲ್ಲಿ ಜನನ / ಮರಣ ನೋಂದಣಿಗಾಗಿ ಅರ್ಜಿ ಸಲ್ಲಿಸಿರುತ್ತಾರೆ. ಈ ಬಗ್ಗೆ ಯಾರಿಗಾದರೂ ಆಕ್ಷೇಪಣೆ ಇದ್ದಲ್ಲಿ ಪ್ರಕಟಣೆಯಾದ ದಿನಾಂಕದಿಂದ ಮುಂದಿನ ವಿಚಾರಣಾ ದಿನಾಂಕದಂದು ಬೆಳಿಗ್ಗೆ 11 ಗಂಟೆಗೆ ನ್ಯಾಯಾಲಯದ ಮುಂದೆ ಹಾಜರಾಗಿ ಆಕ್ಷೇಪಣೆ ಸಲ್ಲಿಸಬಹುದು. ತಪ್ಪಿದಲ್ಲಿ ಏಕಪಕ್ಷೀಯವಾಗಿ ಆದೇಶ ಹೊರಡಿಸಲಾಗುವುದು.
ನ್ಯಾಯಾಲಯದ ಆದೇಶದ ಮೇರೆಗೆ ಶಿರಸ್ತೇದಾರರು
ನ್ಯಾಯಾಲಯದ ಶ್ರೀ ಅಧಿಕೃತ ಸಿವಿಲ್ ನ್ಯಾಯಾಧೀಶರು ಮತ್ತು ಜೆ.ಎಂ.ಎಫ್.ಸಿ ನ್ಯಾಯಾಲಯ, ಹಾಸನ
ಪ್ರಕರಣ ಸಂಖ್ಯೆ: 484/2025
ಪ್ರಕರಣ ಸಂಖ್ಯೆ: ಅರ್ಜಿದಾರರು ಸದರಿ ನ್ಯಾಯಾಲಯದಲ್ಲಿ ಜನನ / ಮರಣ ನೋಂದಣಿಗಾಗಿ ಅರ್ಜಿ ಸಲ್ಲಿಸಿರುತ್ತಾರೆ. ಈ ಬಗ್ಗೆ ಯಾರಿಗಾದರೂ ಆಕ್ಷೇಪಣೆ ಇದ್ದಲ್ಲಿ ಪ್ರಕಟಣೆಯಾದ ದಿನಾಂಕದಿಂದ ಮುಂದಿನ ವಿಚಾರಣಾ ದಿನಾಂಕದಂದು ಬೆಳಿಗ್ಗೆ 11 ಗಂಟೆಗೆ ನ್ಯಾಯಾಲಯದ ಮುಂದೆ ಹಾಜರಾಗಿ ಆಕ್ಷೇಪಣೆ ಸಲ್ಲಿಸಬಹುದು. ತಪ್ಪಿದಲ್ಲಿ ಏಕಪಕ್ಷೀಯವಾಗಿ ಆದೇಶ ಹೊರಡಿಸಲಾಗುವುದು.
ಪ್ರಕರಣ ಸಂಖ್ಯೆ: ಅರ್ಜಿದಾರರು ಸದರಿ ನ್ಯಾಯಾಲಯದಲ್ಲಿ ಜನನ / ಮರಣ ನೋಂದಣಿಗಾಗಿ ಅರ್ಜಿ ಸಲ್ಲಿಸಿರುತ್ತಾರೆ. ಈ ಬಗ್ಗೆ ಯಾರಿಗಾದರೂ ಆಕ್ಷೇಪಣೆ ಇದ್ದಲ್ಲಿ ಪ್ರಕಟಣೆಯಾದ ದಿನಾಂಕದಿಂದ ಮುಂದಿನ ವಿಚಾರಣಾ ದಿನಾಂಕದಂದು ಬೆಳಿಗ್ಗೆ 11 ಗಂಟೆಗೆ ನ್ಯಾಯಾಲಯದ ಮುಂದೆ ಹಾಜರಾಗಿ ಆಕ್ಷೇಪಣೆ ಸಲ್ಲಿಸಬಹುದು. ತಪ್ಪಿದಲ್ಲಿ ಏಕಪಕ್ಷೀಯವಾಗಿ ಆದೇಶ ಹೊರಡಿಸಲಾಗುವುದು.
ನ್ಯಾಯಾಲಯದ ಆದೇಶದ ಮೇರೆಗೆ ಶಿರಸ್ತೇದಾರರು
ನ್ಯಾಯಾಲಯದ ಶ್ರೀ ಅಧಿಕೃತ ಸಿವಿಲ್ ನ್ಯಾಯಾಧೀಶರು ಮತ್ತು ಜೆ.ಎಂ.ಎಫ್.ಸಿ ನ್ಯಾಯಾಲಯ, ಹಾಸನ
ಪ್ರಕರಣ ಸಂಖ್ಯೆ: 490/2025
ಪ್ರಕರಣ ಸಂಖ್ಯೆ: ಅರ್ಜಿದಾರರು ಸದರಿ ನ್ಯಾಯಾಲಯದಲ್ಲಿ ಜನನ / ಮರಣ ನೋಂದಣಿಗಾಗಿ ಅರ್ಜಿ ಸಲ್ಲಿಸಿರುತ್ತಾರೆ. ಈ ಬಗ್ಗೆ ಯಾರಿಗಾದರೂ ಆಕ್ಷೇಪಣೆ ಇದ್ದಲ್ಲಿ ಪ್ರಕಟಣೆಯಾದ ದಿನಾಂಕದಿಂದ ಮುಂದಿನ ವಿಚಾರಣಾ ದಿನಾಂಕದಂದು ಬೆಳಿಗ್ಗೆ 11 ಗಂಟೆಗೆ ನ್ಯಾಯಾಲಯದ ಮುಂದೆ ಹಾಜರಾಗಿ ಆಕ್ಷೇಪಣೆ ಸಲ್ಲಿಸಬಹುದು. ತಪ್ಪಿದಲ್ಲಿ ಏಕಪಕ್ಷೀಯವಾಗಿ ಆದೇಶ ಹೊರಡಿಸಲಾಗುವುದು.
ಪ್ರಕರಣ ಸಂಖ್ಯೆ: ಅರ್ಜಿದಾರರು ಸದರಿ ನ್ಯಾಯಾಲಯದಲ್ಲಿ ಜನನ / ಮರಣ ನೋಂದಣಿಗಾಗಿ ಅರ್ಜಿ ಸಲ್ಲಿಸಿರುತ್ತಾರೆ. ಈ ಬಗ್ಗೆ ಯಾರಿಗಾದರೂ ಆಕ್ಷೇಪಣೆ ಇದ್ದಲ್ಲಿ ಪ್ರಕಟಣೆಯಾದ ದಿನಾಂಕದಿಂದ ಮುಂದಿನ ವಿಚಾರಣಾ ದಿನಾಂಕದಂದು ಬೆಳಿಗ್ಗೆ 11 ಗಂಟೆಗೆ ನ್ಯಾಯಾಲಯದ ಮುಂದೆ ಹಾಜರಾಗಿ ಆಕ್ಷೇಪಣೆ ಸಲ್ಲಿಸಬಹುದು. ತಪ್ಪಿದಲ್ಲಿ ಏಕಪಕ್ಷೀಯವಾಗಿ ಆದೇಶ ಹೊರಡಿಸಲಾಗುವುದು.
ನ್ಯಾಯಾಲಯದ ಆದೇಶದ ಮೇರೆಗೆ ಶಿರಸ್ತೇದಾರರು
